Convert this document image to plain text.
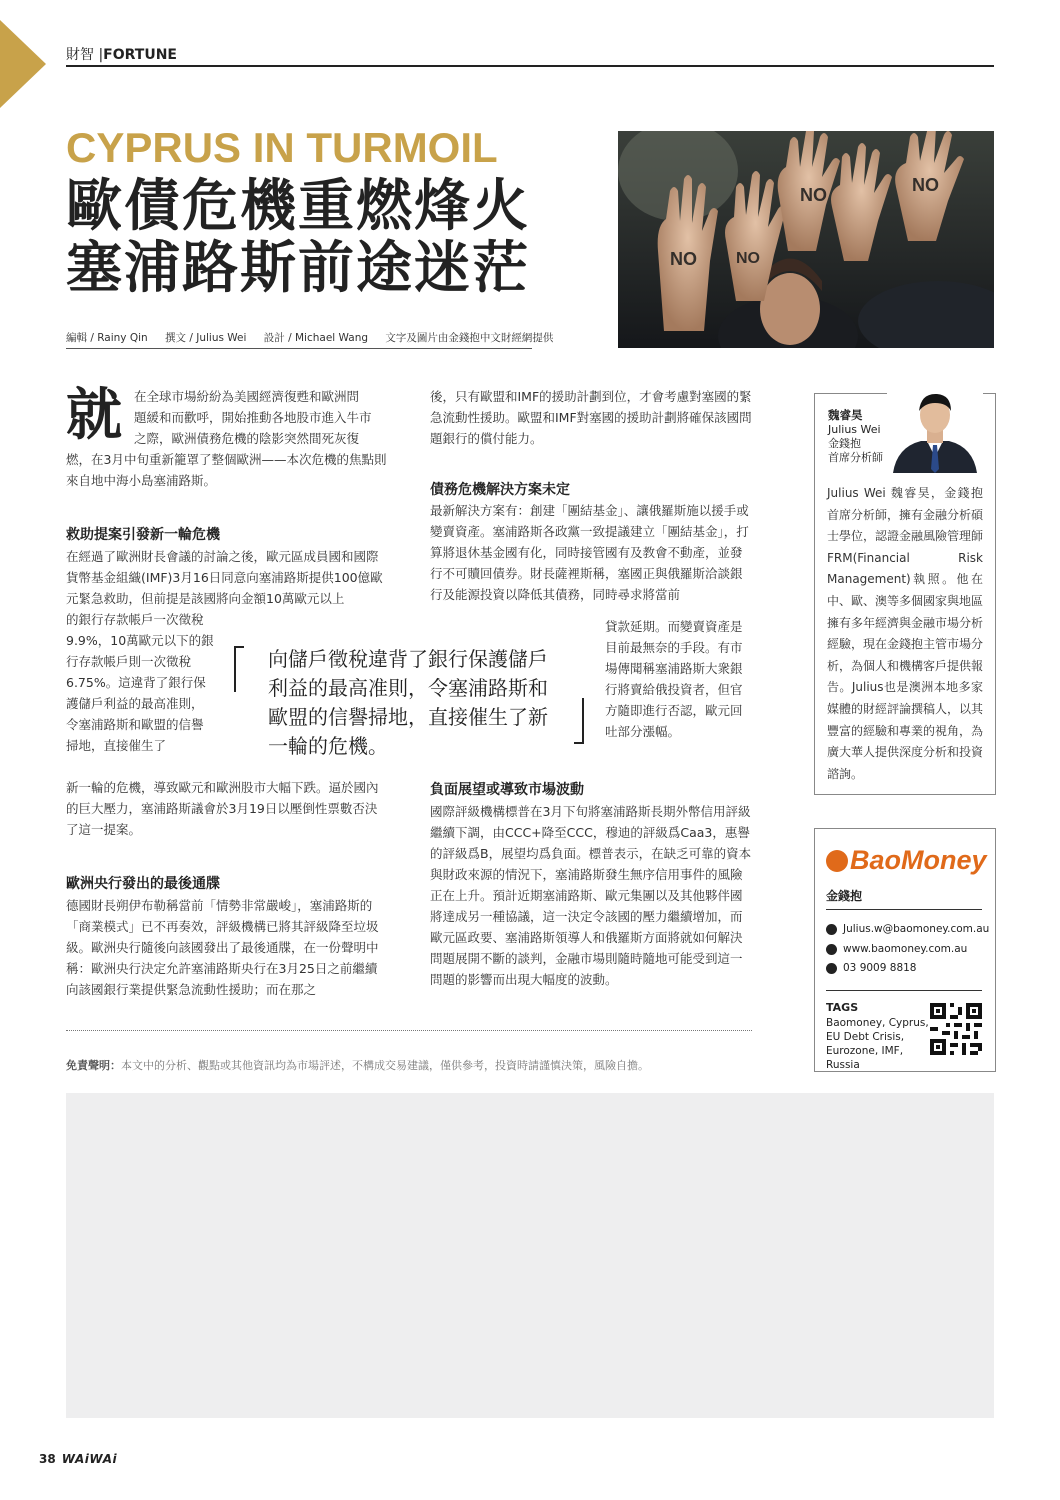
財智 |FORTUNE
CYPRUS IN TURMOIL
歐債危機重燃烽火
塞浦路斯前途迷茫
編輯 / Rainy Qin 撰文 / Julius Wei 設計 / Michael Wang 文字及圖片由金錢抱中文財經網提供
NO NO
NO	NO
就 在全球市場紛紛為美國經濟復甦和歐洲問

題緩和而歡呼，開始推動各地股市進入牛市

之際，歐洲債務危機的陰影突然間死灰復

燃，在3月中旬重新籠罩了整個歐洲——本次危機的焦點則來自地中海小島塞浦路斯。
救助提案引發新一輪危機
在經過了歐洲財長會議的討論之後，歐元區成員國和國際貨幣基金組織(IMF)3月16日同意向塞浦路斯提供100億歐元緊急救助，但前提是該國將向金額10萬歐元以上
的銀行存款帳戶一次徵稅9.9%，10萬歐元以下的銀行存款帳戶則一次徵稅6.75%。這違背了銀行保護儲戶利益的最高准則，令塞浦路斯和歐盟的信譽掃地，直接催生了
新一輪的危機，導致歐元和歐洲股市大幅下跌。逼於國內的巨大壓力，塞浦路斯議會於3月19日以壓倒性票數否決了這一提案。
歐洲央行發出的最後通牒
德國財長朔伊布勒稱當前「情勢非常嚴峻」，塞浦路斯的「商業模式」已不再奏效，評級機構已將其評級降至垃圾級。歐洲央行隨後向該國發出了最後通牒，在一份聲明中稱：歐洲央行決定允許塞浦路斯央行在3月25日之前繼續向該國銀行業提供緊急流動性援助；而在那之
向儲戶徵稅違背了銀行保護儲戶利益的最高准則，令塞浦路斯和歐盟的信譽掃地，直接催生了新一輪的危機。
後，只有歐盟和IMF的援助計劃到位，才會考慮對塞國的緊急流動性援助。歐盟和IMF對塞國的援助計劃將確保該國問題銀行的償付能力。
債務危機解決方案未定
最新解決方案有：創建「團結基金」、讓俄羅斯施以援手或變賣資產。塞浦路斯各政黨一致提議建立「團結基金」，打算將退休基金國有化，同時接管國有及教會不動產，並發行不可贖回債券。財長薩裡斯稱，塞國正與俄羅斯洽談銀行及能源投資以降低其債務，同時尋求將當前
貸款延期。而變賣資產是目前最無奈的手段。有市場傳聞稱塞浦路斯大衆銀行將賣給俄投資者，但官方隨即進行否認，歐元回吐部分漲幅。
負面展望或導致市場波動
國際評級機構標普在3月下旬將塞浦路斯長期外幣信用評級繼續下調，由CCC+降至CCC，穆迪的評級爲Caa3，惠譽的評級爲B，展望均爲負面。標普表示，在缺乏可靠的資本與財政來源的情況下，塞浦路斯發生無序信用事件的風險正在上升。預計近期塞浦路斯、歐元集團以及其他夥伴國將達成另一種協議，這一決定令該國的壓力繼續增加，而歐元區政要、塞浦路斯領導人和俄羅斯方面將就如何解決問題展開不斷的談判，金融市場則隨時隨地可能受到這一問題的影響而出現大幅度的波動。
免責聲明：本文中的分析、觀點或其他資訊均為市場評述，不構成交易建議，僅供參考，投資時請謹慎決策，風險自擔。
魏睿昊
Julius Wei
金錢抱
首席分析師
Julius Wei 魏睿昊，金錢抱首席分析師，擁有金融分析碩士學位，認證金融風險管理師FRM(Financial Risk Management)執照。他在中、歐、澳等多個國家與地區擁有多年經濟與金融市場分析經驗，現在金錢抱主管市場分析，為個人和機構客戶提供報告。Julius也是澳洲本地多家媒體的財經評論撰稿人，以其豐富的經驗和專業的視角，為廣大華人提供深度分析和投資諮詢。
BaoMoney
金錢抱
Julius.w@baomoney.com.au
www.baomoney.com.au
03 9009 8818
TAGS
Baomoney, Cyprus, EU Debt Crisis, Eurozone, IMF, Russia
38 WAiWAi
